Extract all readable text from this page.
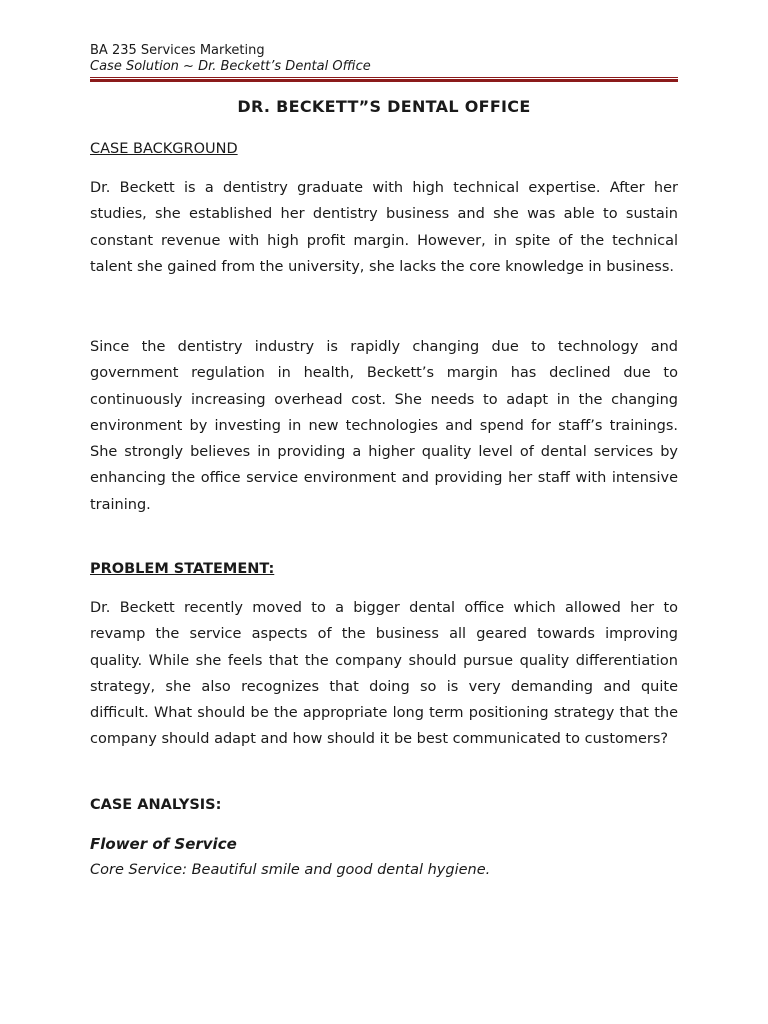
BA 235 Services Marketing
Case Solution ~ Dr. Beckett’s Dental Office
DR. BECKETT”S DENTAL OFFICE
CASE BACKGROUND

Dr. Beckett is a dentistry graduate with high technical expertise. After her studies, she established her dentistry business and she was able to sustain constant revenue with high profit margin. However, in spite of the technical talent she gained from the university, she lacks the core knowledge in business.

Since the dentistry industry is rapidly changing due to technology and government regulation in health, Beckett’s margin has declined due to continuously increasing overhead cost. She needs to adapt in the changing environment by investing in new technologies and spend for staff’s trainings. She strongly believes in providing a higher quality level of dental services by enhancing the office service environment and providing her staff with intensive training.

PROBLEM STATEMENT:

Dr. Beckett recently moved to a bigger dental office which allowed her to revamp the service aspects of the business all geared towards improving quality. While she feels that the company should pursue quality differentiation strategy, she also recognizes that doing so is very demanding and quite difficult. What should be the appropriate long term positioning strategy that the company should adapt and how should it be best communicated to customers?

CASE ANALYSIS:
Flower of Service
Core Service: Beautiful smile and good dental hygiene.
